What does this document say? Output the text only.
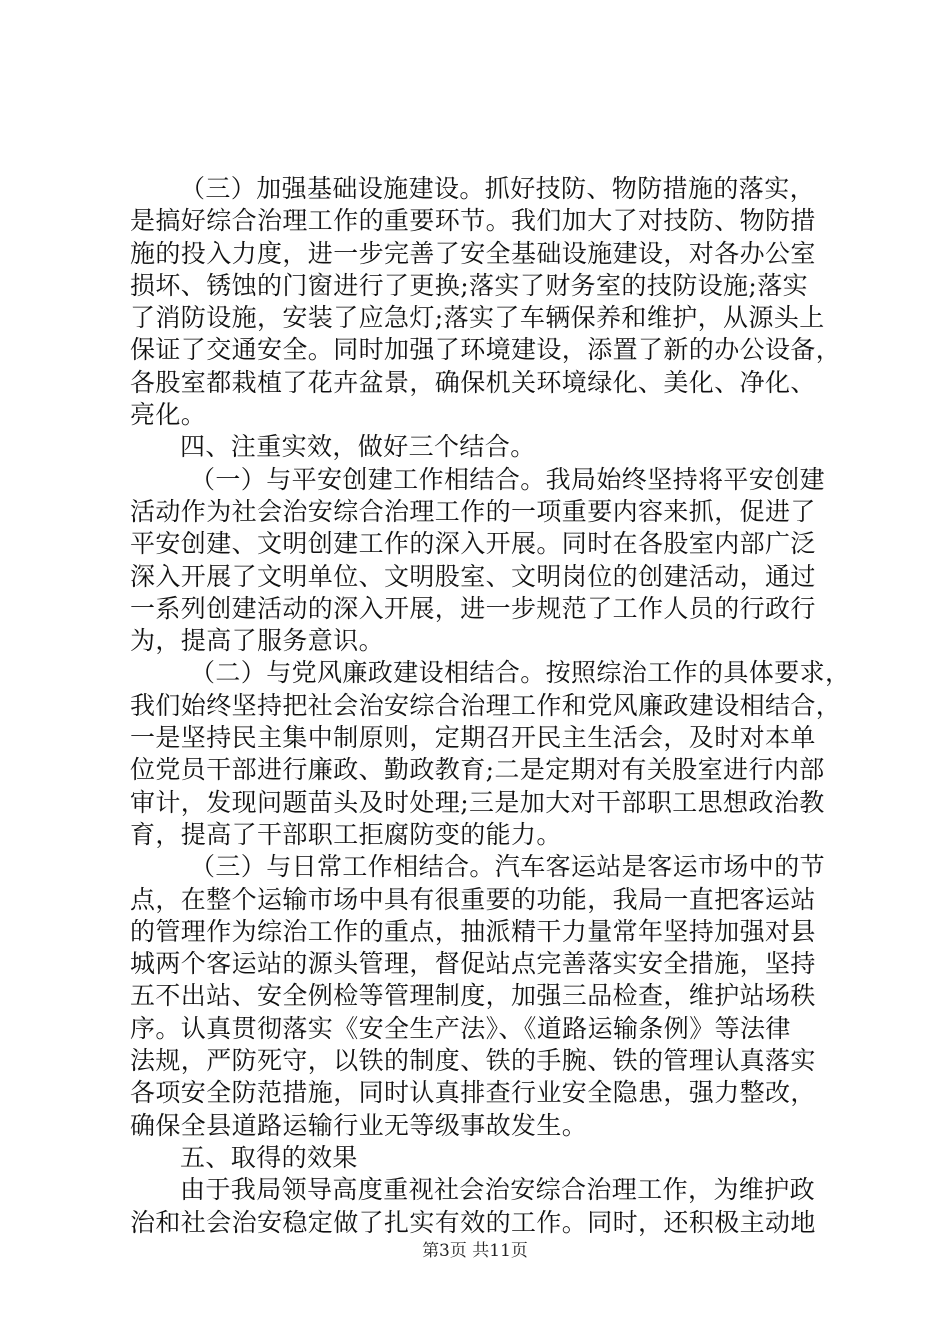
（三）加强基础设施建设。抓好技防、物防措施的落实，
是搞好综合治理工作的重要环节。我们加大了对技防、物防措
施的投入力度，进一步完善了安全基础设施建设，对各办公室
损坏、锈蚀的门窗进行了更换;落实了财务室的技防设施;落实
了消防设施，安装了应急灯;落实了车辆保养和维护，从源头上
保证了交通安全。同时加强了环境建设，添置了新的办公设备，
各股室都栽植了花卉盆景，确保机关环境绿化、美化、净化、
亮化。
四、注重实效，做好三个结合。
（一）与平安创建工作相结合。我局始终坚持将平安创建
活动作为社会治安综合治理工作的一项重要内容来抓，促进了
平安创建、文明创建工作的深入开展。同时在各股室内部广泛
深入开展了文明单位、文明股室、文明岗位的创建活动，通过
一系列创建活动的深入开展，进一步规范了工作人员的行政行
为，提高了服务意识。
（二）与党风廉政建设相结合。按照综治工作的具体要求，
我们始终坚持把社会治安综合治理工作和党风廉政建设相结合，
一是坚持民主集中制原则，定期召开民主生活会，及时对本单
位党员干部进行廉政、勤政教育;二是定期对有关股室进行内部
审计，发现问题苗头及时处理;三是加大对干部职工思想政治教
育，提高了干部职工拒腐防变的能力。
（三）与日常工作相结合。汽车客运站是客运市场中的节
点，在整个运输市场中具有很重要的功能，我局一直把客运站
的管理作为综治工作的重点，抽派精干力量常年坚持加强对县
城两个客运站的源头管理，督促站点完善落实安全措施，坚持
五不出站、安全例检等管理制度，加强三品检查，维护站场秩
序。认真贯彻落实《安全生产法》、《道路运输条例》等法律
法规，严防死守，以铁的制度、铁的手腕、铁的管理认真落实
各项安全防范措施，同时认真排查行业安全隐患，强力整改，
确保全县道路运输行业无等级事故发生。
五、取得的效果
由于我局领导高度重视社会治安综合治理工作，为维护政
治和社会治安稳定做了扎实有效的工作。同时，还积极主动地
第3页 共11页
